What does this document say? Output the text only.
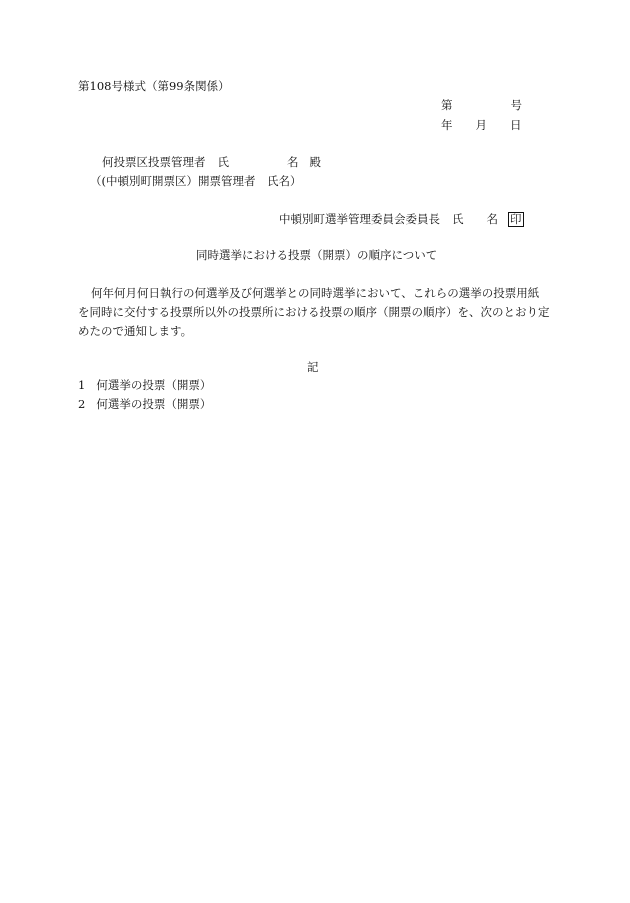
第108号様式（第99条関係）
第	号
年 月 日
何投票区投票管理者 氏	名 殿
（(中頓別町開票区）開票管理者　氏名）
中頓別町選挙管理委員会委員長 氏 名 印
同時選挙における投票（開票）の順序について
何年何月何日執行の何選挙及び何選挙との同時選挙において、これらの選挙の投票用紙
を同時に交付する投票所以外の投票所における投票の順序（開票の順序）を、次のとおり定
めたので通知します。
記
1 何選挙の投票（開票）
2 何選挙の投票（開票）
